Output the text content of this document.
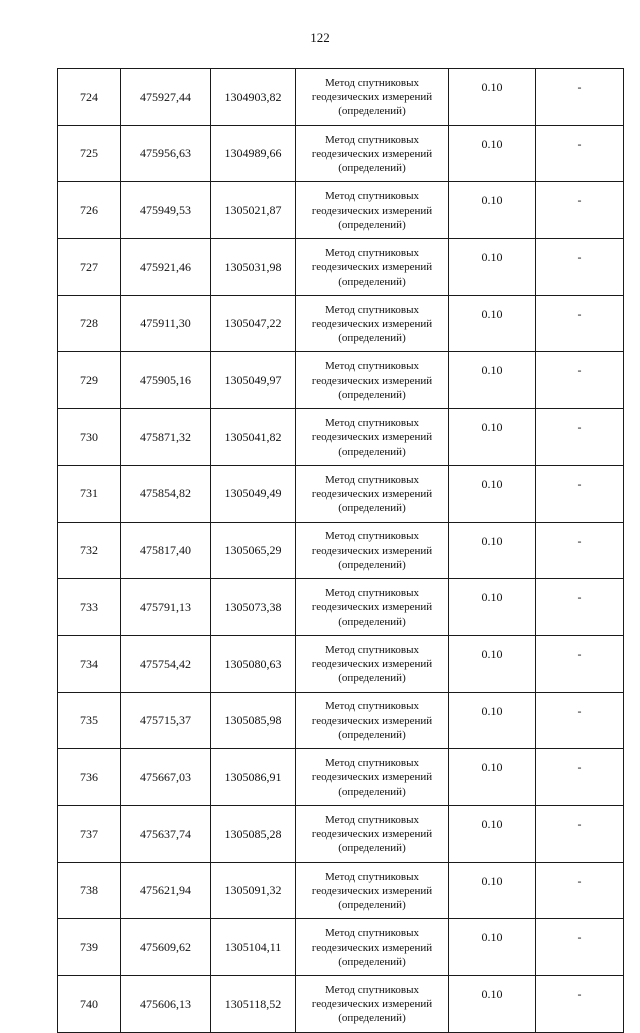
122
724	475927,44	1304903,82	Метод спутниковых
геодезических измерений
(определений)	0.10	-
725	475956,63	1304989,66	Метод спутниковых
геодезических измерений
(определений)	0.10	-
726	475949,53	1305021,87	Метод спутниковых
геодезических измерений
(определений)	0.10	-
727	475921,46	1305031,98	Метод спутниковых
геодезических измерений
(определений)	0.10	-
728	475911,30	1305047,22	Метод спутниковых
геодезических измерений
(определений)	0.10	-
729	475905,16	1305049,97	Метод спутниковых
геодезических измерений
(определений)	0.10	-
730	475871,32	1305041,82	Метод спутниковых
геодезических измерений
(определений)	0.10	-
731	475854,82	1305049,49	Метод спутниковых
геодезических измерений
(определений)	0.10	-
732	475817,40	1305065,29	Метод спутниковых
геодезических измерений
(определений)	0.10	-
733	475791,13	1305073,38	Метод спутниковых
геодезических измерений
(определений)	0.10	-
734	475754,42	1305080,63	Метод спутниковых
геодезических измерений
(определений)	0.10	-
735	475715,37	1305085,98	Метод спутниковых
геодезических измерений
(определений)	0.10	-
736	475667,03	1305086,91	Метод спутниковых
геодезических измерений
(определений)	0.10	-
737	475637,74	1305085,28	Метод спутниковых
геодезических измерений
(определений)	0.10	-
738	475621,94	1305091,32	Метод спутниковых
геодезических измерений
(определений)	0.10	-
739	475609,62	1305104,11	Метод спутниковых
геодезических измерений
(определений)	0.10	-
740	475606,13	1305118,52	Метод спутниковых
геодезических измерений
(определений)	0.10	-
